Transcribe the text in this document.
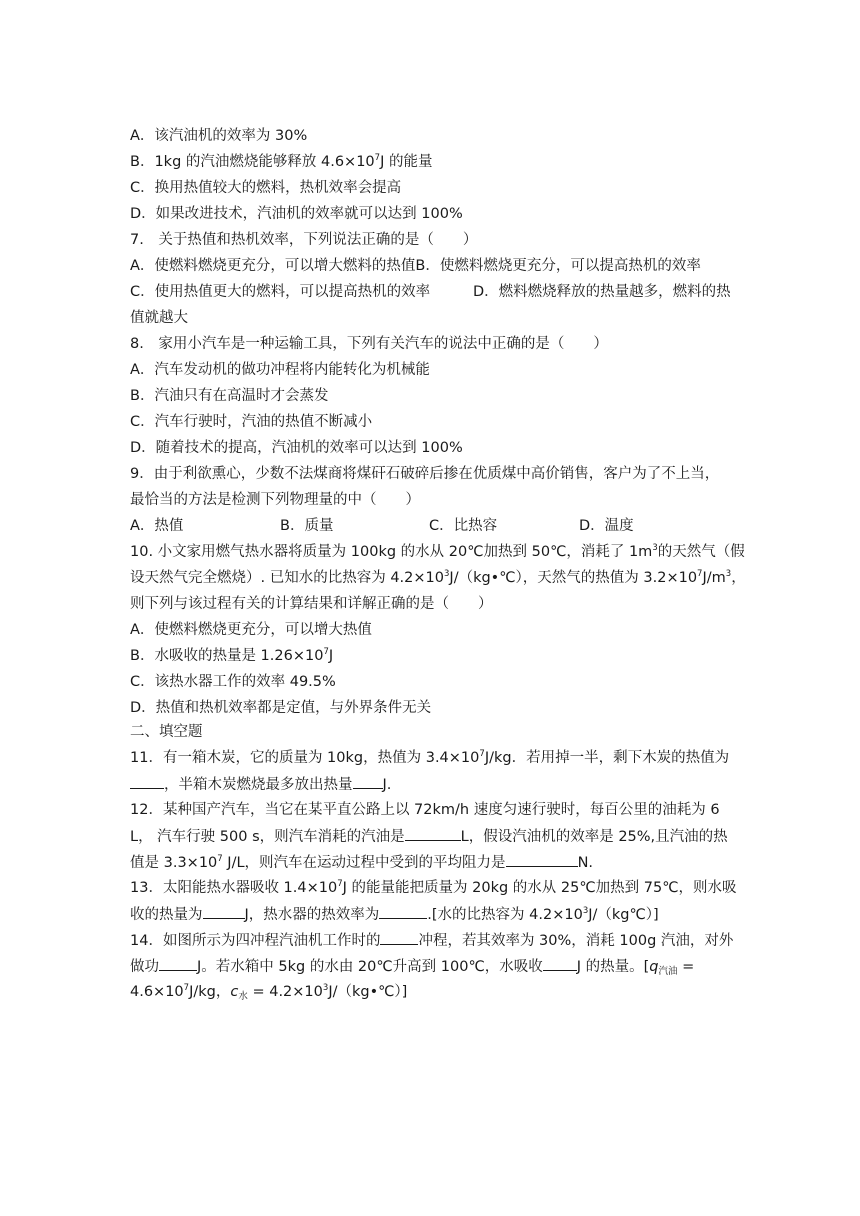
A．该汽油机的效率为 30%
B．1kg 的汽油燃烧能够释放 $4.6\times 10^7J$ 的能量
C．换用热值较大的燃料，热机效率会提高
D．如果改进技术，汽油机的效率就可以达到 100%
7.　关于热值和热机效率，下列说法正确的是（　　）
A．使燃料燃烧更充分，可以增大燃料的热值B．使燃料燃烧更充分，可以提高热机的效率
C．使用热值更大的燃料，可以提高热机的效率	D．燃料燃烧释放的热量越多，燃料的热
值就越大
8.　家用小汽车是一种运输工具，下列有关汽车的说法中正确的是（　　）
A．汽车发动机的做功冲程将内能转化为机械能
B．汽油只有在高温时才会蒸发
C．汽车行驶时，汽油的热值不断减小
D．随着技术的提高，汽油机的效率可以达到 100%
9．由于利欲熏心，少数不法煤商将煤矸石破碎后掺在优质煤中高价销售，客户为了不上当，
最恰当的方法是检测下列物理量的中（　　）
A．热值	B．质量	C．比热容	D．温度
10. 小文家用燃气热水器将质量为 100kg 的水从 20℃加热到 50℃，消耗了 $1m^3$的天然气（假
设天然气完全燃烧）. 已知水的比热容为 $4.2\times 10^3J/(kg•℃)$，天然气的热值为 $3.2\times 10^7J/m^3$，
则下列与该过程有关的计算结果和详解正确的是（　　）
A．使燃料燃烧更充分，可以增大热值
B．水吸收的热量是 $1.26\times 10^7J$
C．该热水器工作的效率 49.5%
D．热值和热机效率都是定值，与外界条件无关
二、填空题
11．有一箱木炭，它的质量为 10kg，热值为 $3.4\times 10^7J/kg$．若用掉一半，剩下木炭的热值为
，半箱木炭燃烧最多放出热量 J.
12．某种国产汽车，当它在某平直公路上以 72km/h 速度匀速行驶时，每百公里的油耗为 6
L， 汽车行驶 500 s，则汽车消耗的汽油是	L，假设汽油机的效率是 25%,且汽油的热
值是 $3.3\times 10^7$ J/L，则汽车在运动过程中受到的平均阻力是	N.
13．太阳能热水器吸收 $1.4\times 10^7J$ 的能量能把质量为 20kg 的水从 25℃加热到 75℃，则水吸
收的热量为	J，热水器的热效率为	.[水的比热容为 $4.2\times 10^3J/(kg℃)$]
14．如图所示为四冲程汽油机工作时的	冲程，若其效率为 30%，消耗 100g 汽油，对外
做功	J。若水箱中 5kg 的水由 20℃升高到 100℃，水吸收 J 的热量。[$q_{汽油}$ =
$4.6\times 10^7J/kg$，$c_水$ = $4.2\times 10^3J/(kg•℃)$]
